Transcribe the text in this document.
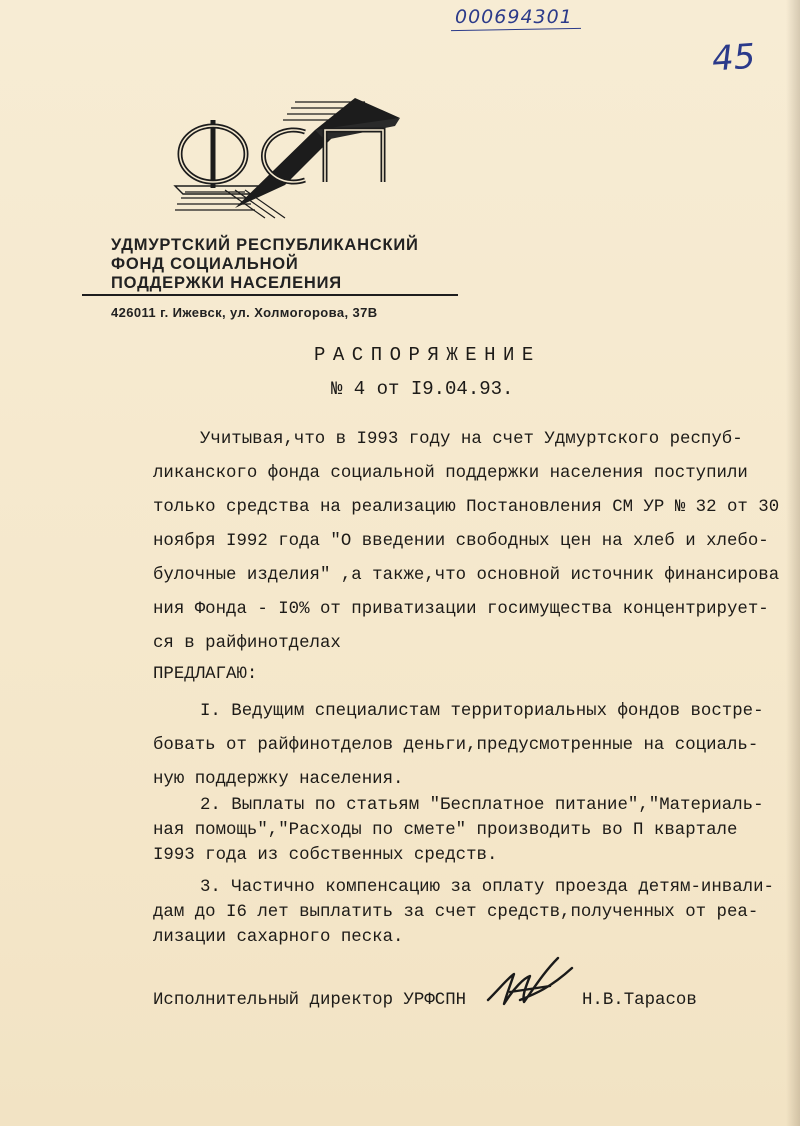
000694301
45
УДМУРТСКИЙ РЕСПУБЛИКАНСКИЙ
ФОНД СОЦИАЛЬНОЙ
ПОДДЕРЖКИ НАСЕЛЕНИЯ
426011 г. Ижевск, ул. Холмогорова, 37В
РАСПОРЯЖЕНИЕ
№ 4 от I9.04.93.
Учитывая,что в I993 году на счет Удмуртского респуб-
ликанского фонда социальной поддержки населения поступили
только средства на реализацию Постановления СМ УР № 32 от 30
ноября I992 года "О введении свободных цен на хлеб и хлебо-
булочные изделия" ,а также,что основной источник финансирова
ния Фонда - I0% от приватизации госимущества концентрирует-
ся в райфинотделах
ПРЕДЛАГАЮ:
I. Ведущим специалистам территориальных фондов востре-
бовать от райфинотделов деньги,предусмотренные на социаль-
ную поддержку населения.
2. Выплаты по статьям "Бесплатное питание","Материаль-
ная помощь","Расходы по смете" производить во П квартале
I993 года из собственных средств.
3. Частично компенсацию за оплату проезда детям-инвали-
дам до I6 лет выплатить за счет средств,полученных от реа-
лизации сахарного песка.
Исполнительный директор УРФСПН	Н.В.Тарасов
